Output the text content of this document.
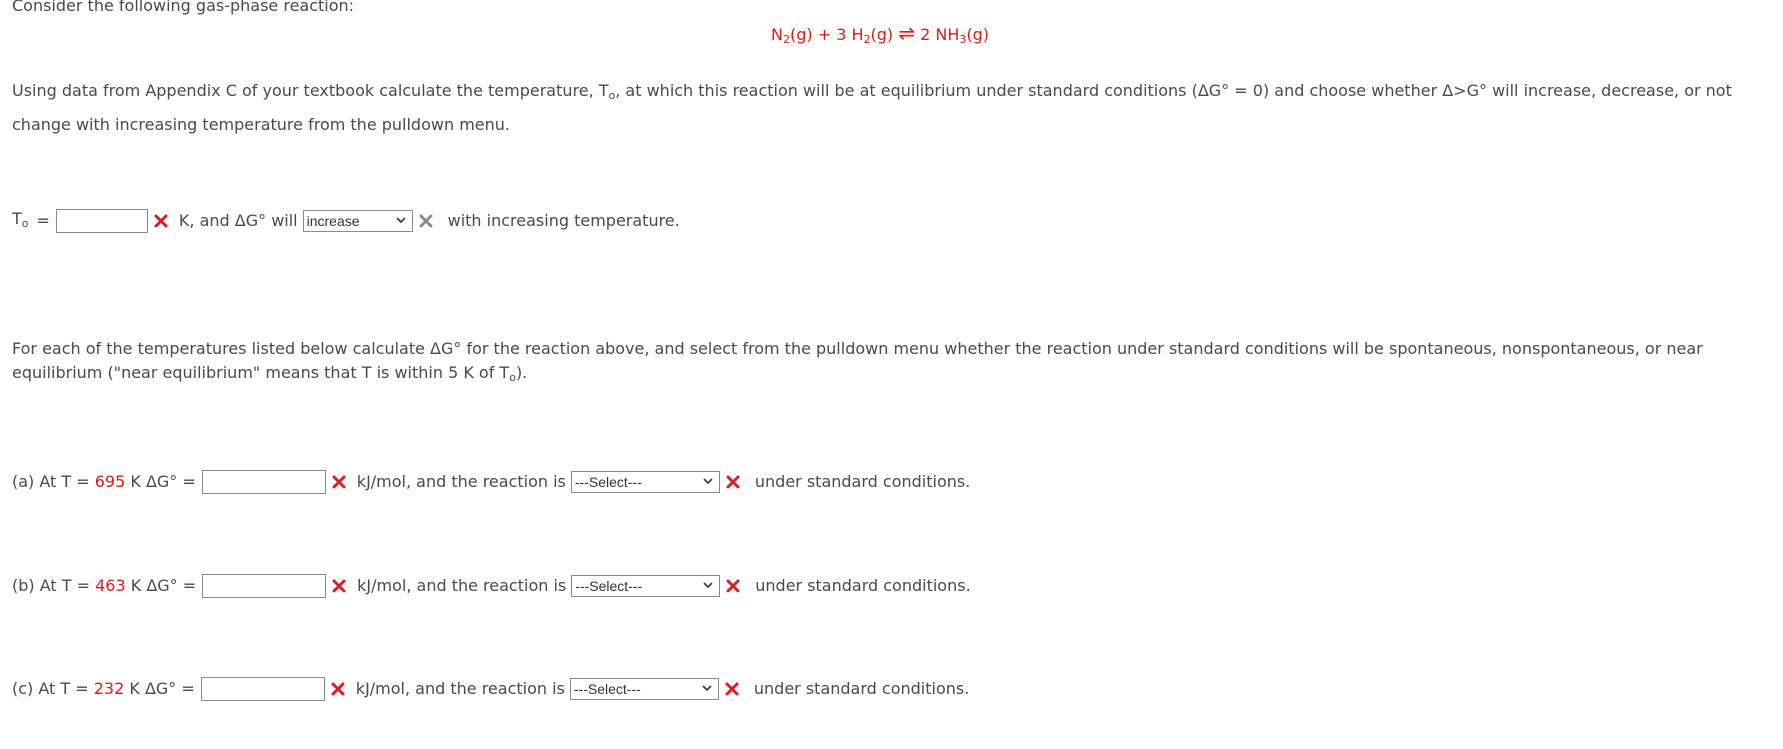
Consider the following gas-phase reaction:
$N_2(g) + 3$ $H_2(g)$ ⇌ 2 $NH_3(g)$
Using data from Appendix C of your textbook calculate the temperature, $T_o$, at which this reaction will be at equilibrium under standard conditions (ΔG° = 0) and choose whether Δ>G° will increase, decrease, or not change with increasing temperature from the pulldown menu.
$T_o$ =	K, and ΔG° will increase	with increasing temperature.
For each of the temperatures listed below calculate ΔG° for the reaction above, and select from the pulldown menu whether the reaction under standard conditions will be spontaneous, nonspontaneous, or near equilibrium ("near equilibrium" means that T is within 5 K of $T_o$).
(a) At T = 695 K ΔG° =	kJ/mol, and the reaction is ---Select---	under standard conditions.
(b) At T = 463 K ΔG° =	kJ/mol, and the reaction is ---Select---	under standard conditions.
(c) At T = 232 K ΔG° =	kJ/mol, and the reaction is ---Select---	under standard conditions.
